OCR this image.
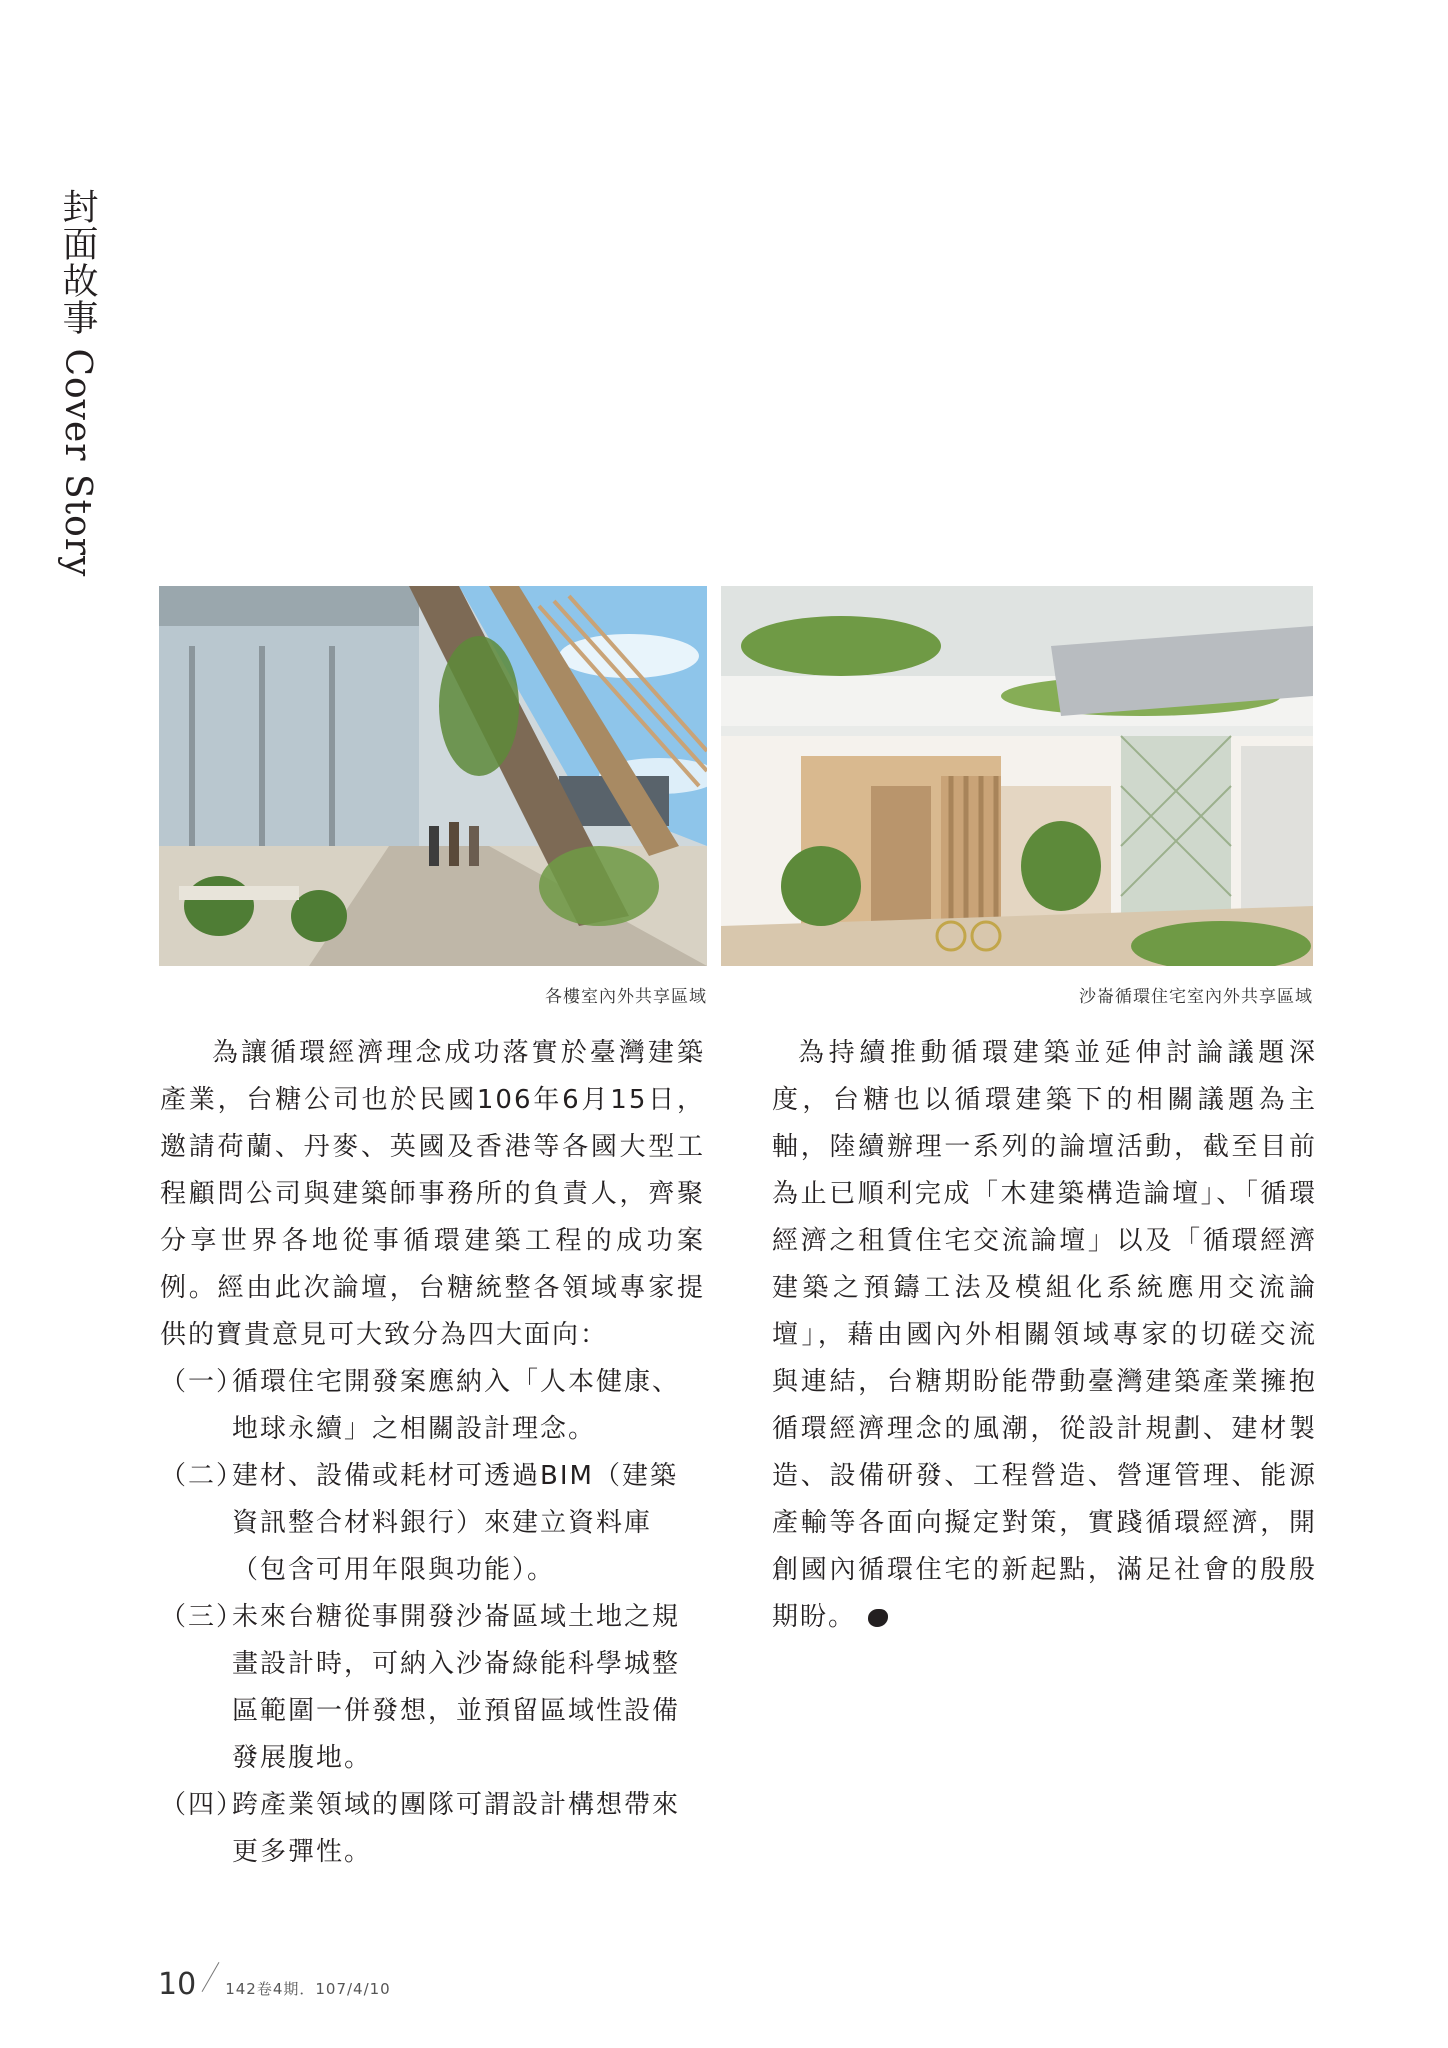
封面故事 Cover Story
各樓室內外共享區域	沙崙循環住宅室內外共享區域

為讓循環經濟理念成功落實於臺灣建築產業，台糖公司也於民國106年6月15日，邀請荷蘭、丹麥、英國及香港等各國大型工程顧問公司與建築師事務所的負責人，齊聚分享世界各地從事循環建築工程的成功案例。經由此次論壇，台糖統整各領域專家提供的寶貴意見可大致分為四大面向：

（一）
循環住宅開發案應納入「人本健康、地球永續」之相關設計理念。
（二）
建材、設備或耗材可透過BIM（建築資訊整合材料銀行）來建立資料庫（包含可用年限與功能）。
（三）
未來台糖從事開發沙崙區域土地之規畫設計時，可納入沙崙綠能科學城整區範圍一併發想，並預留區域性設備發展腹地。
（四）
跨產業領域的團隊可謂設計構想帶來更多彈性。

為持續推動循環建築並延伸討論議題深度，台糖也以循環建築下的相關議題為主軸，陸續辦理一系列的論壇活動，截至目前為止已順利完成「木建築構造論壇」、「循環經濟之租賃住宅交流論壇」以及「循環經濟建築之預鑄工法及模組化系統應用交流論壇」，藉由國內外相關領域專家的切磋交流與連結，台糖期盼能帶動臺灣建築產業擁抱循環經濟理念的風潮，從設計規劃、建材製造、設備研發、工程營造、營運管理、能源產輸等各面向擬定對策，實踐循環經濟，開創國內循環住宅的新起點，滿足社會的殷殷期盼。

10 142卷4期．107/4/10
